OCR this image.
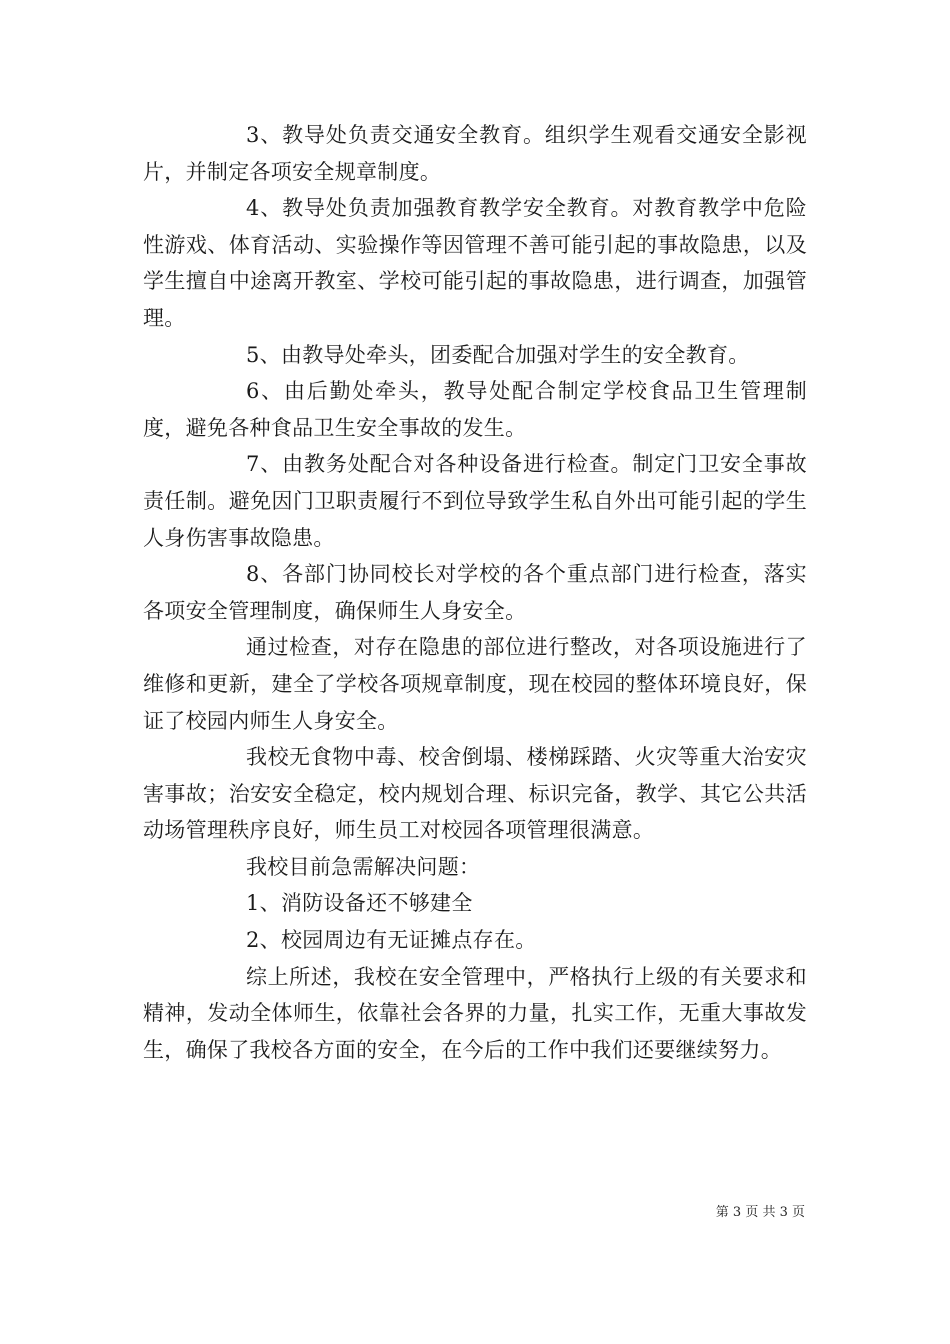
3、教导处负责交通安全教育。组织学生观看交通安全影视片，并制定各项安全规章制度。

4、教导处负责加强教育教学安全教育。对教育教学中危险性游戏、体育活动、实验操作等因管理不善可能引起的事故隐患，以及学生擅自中途离开教室、学校可能引起的事故隐患，进行调查，加强管理。

5、由教导处牵头，团委配合加强对学生的安全教育。

6、由后勤处牵头，教导处配合制定学校食品卫生管理制度，避免各种食品卫生安全事故的发生。

7、由教务处配合对各种设备进行检查。制定门卫安全事故责任制。避免因门卫职责履行不到位导致学生私自外出可能引起的学生人身伤害事故隐患。

8、各部门协同校长对学校的各个重点部门进行检查，落实各项安全管理制度，确保师生人身安全。

通过检查，对存在隐患的部位进行整改，对各项设施进行了维修和更新，建全了学校各项规章制度，现在校园的整体环境良好，保证了校园内师生人身安全。

我校无食物中毒、校舍倒塌、楼梯踩踏、火灾等重大治安灾害事故；治安安全稳定，校内规划合理、标识完备，教学、其它公共活动场管理秩序良好，师生员工对校园各项管理很满意。

我校目前急需解决问题：

1、消防设备还不够建全

2、校园周边有无证摊点存在。

综上所述，我校在安全管理中，严格执行上级的有关要求和精神，发动全体师生，依靠社会各界的力量，扎实工作，无重大事故发生，确保了我校各方面的安全，在今后的工作中我们还要继续努力。

第 3 页 共 3 页
